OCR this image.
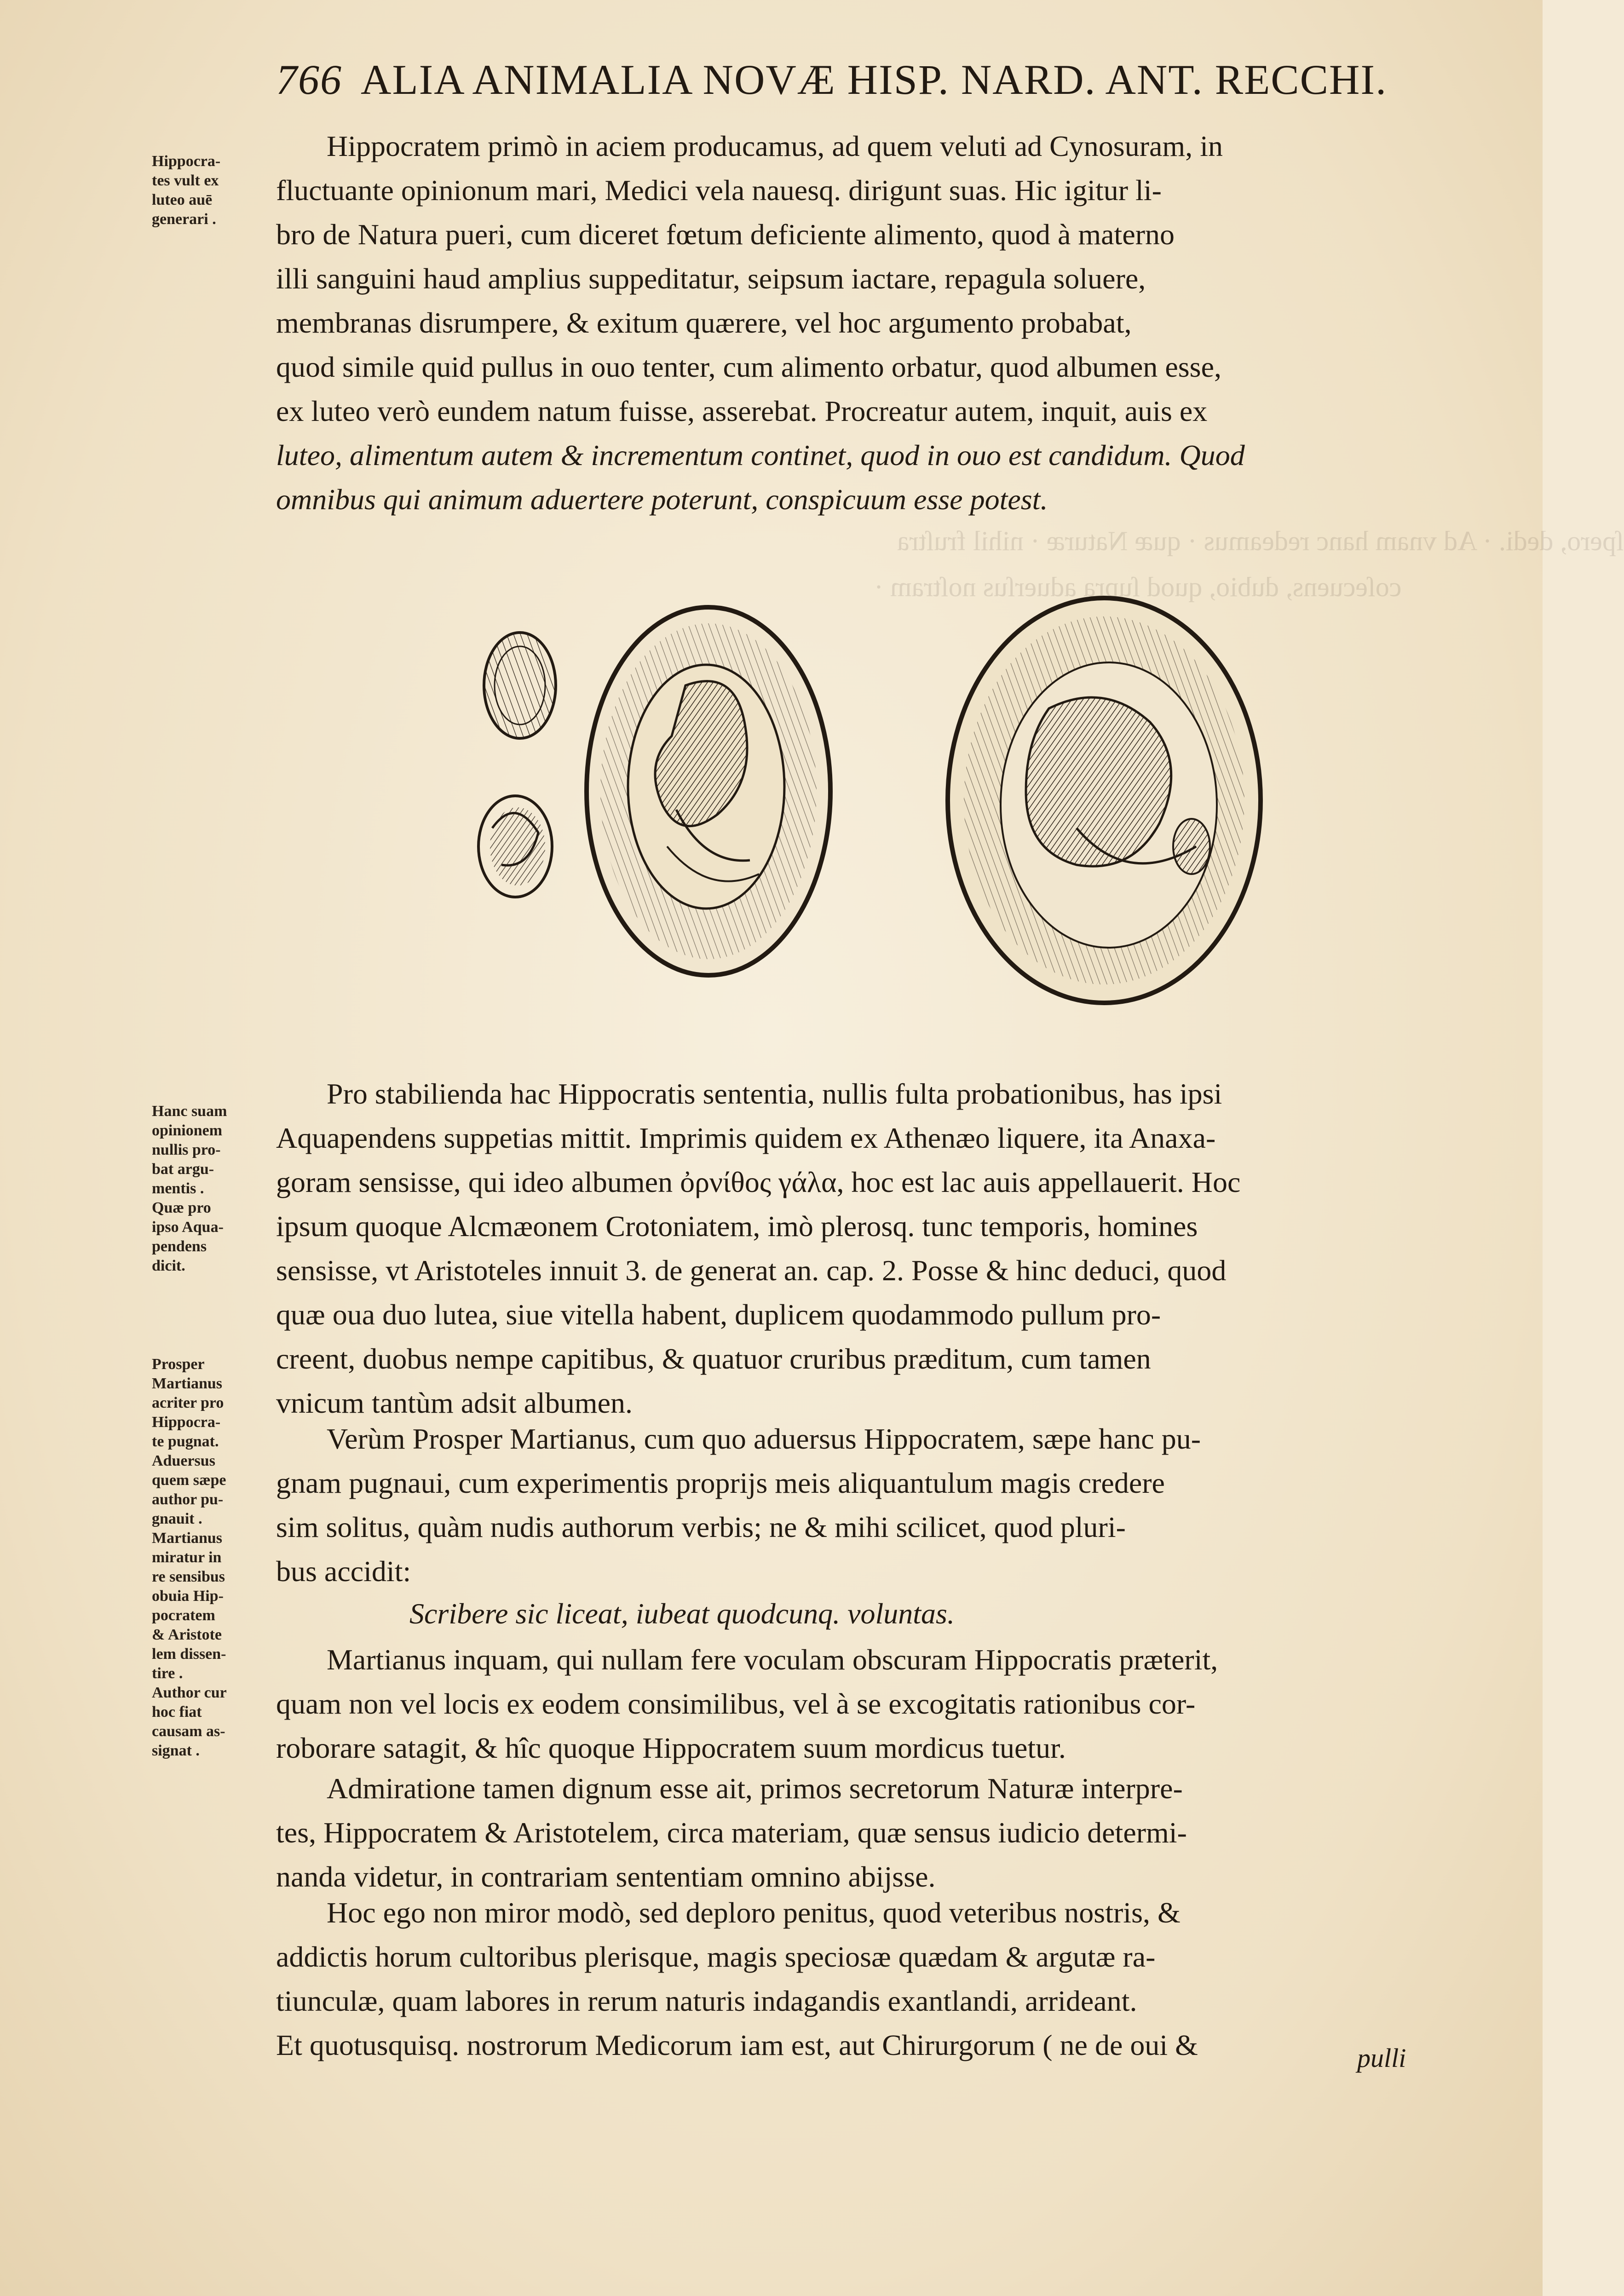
ſpero, dedi. · Ad vnam hanc redeamus · quæ Naturæ · nihil fruſtra
coſecuens, dubio, quod ſupra aduerſus noſtram ·
766 ALIA ANIMALIA NOVÆ HISP. NARD. ANT. RECCHI.
Hippocra-
tes vult ex
luteo auē
generari .
Hanc suam
opinionem
nullis pro-
bat argu-
mentis .
Quæ pro
ipso Aqua-
pendens
dicit.
Prosper
Martianus
acriter pro
Hippocra-
te pugnat.
Aduersus
quem sæpe
author pu-
gnauit .
Martianus
miratur in
re sensibus
obuia Hip-
pocratem
& Aristote
lem dissen-
tire .
Author cur
hoc fiat
causam as-
signat .
Hippocratem primò in aciem producamus, ad quem veluti ad Cynosuram, in
fluctuante opinionum mari, Medici vela nauesq. dirigunt suas. Hic igitur li-
bro de Natura pueri, cum diceret fœtum deficiente alimento, quod à materno
illi sanguini haud amplius suppeditatur, seipsum iactare, repagula soluere,
membranas disrumpere, & exitum quærere, vel hoc argumento probabat,
quod simile quid pullus in ouo tenter, cum alimento orbatur, quod albumen esse,
ex luteo verò eundem natum fuisse, asserebat. Procreatur autem, inquit, auis ex
luteo, alimentum autem & incrementum continet, quod in ouo est candidum. Quod
omnibus qui animum aduertere poterunt, conspicuum esse potest.
Pro stabilienda hac Hippocratis sententia, nullis fulta probationibus, has ipsi
Aquapendens suppetias mittit. Imprimis quidem ex Athenæo liquere, ita Anaxa-
goram sensisse, qui ideo albumen ὀρνίθος γάλα, hoc est lac auis appellauerit. Hoc
ipsum quoque Alcmæonem Crotoniatem, imò plerosq. tunc temporis, homines
sensisse, vt Aristoteles innuit 3. de generat an. cap. 2. Posse & hinc deduci, quod
quæ oua duo lutea, siue vitella habent, duplicem quodammodo pullum pro-
creent, duobus nempe capitibus, & quatuor cruribus præditum, cum tamen
vnicum tantùm adsit albumen.
Verùm Prosper Martianus, cum quo aduersus Hippocratem, sæpe hanc pu-
gnam pugnaui, cum experimentis proprijs meis aliquantulum magis credere
sim solitus, quàm nudis authorum verbis; ne & mihi scilicet, quod pluri-
bus accidit:
Scribere sic liceat, iubeat quodcunq. voluntas.
Martianus inquam, qui nullam fere voculam obscuram Hippocratis præterit,
quam non vel locis ex eodem consimilibus, vel à se excogitatis rationibus cor-
roborare satagit, & hîc quoque Hippocratem suum mordicus tuetur.
Admiratione tamen dignum esse ait, primos secretorum Naturæ interpre-
tes, Hippocratem & Aristotelem, circa materiam, quæ sensus iudicio determi-
nanda videtur, in contrariam sententiam omnino abijsse.
Hoc ego non miror modò, sed deploro penitus, quod veteribus nostris, &
addictis horum cultoribus plerisque, magis speciosæ quædam & argutæ ra-
tiunculæ, quam labores in rerum naturis indagandis exantlandi, arrideant.
Et quotusquisq. nostrorum Medicorum iam est, aut Chirurgorum ( ne de oui &	pulli
